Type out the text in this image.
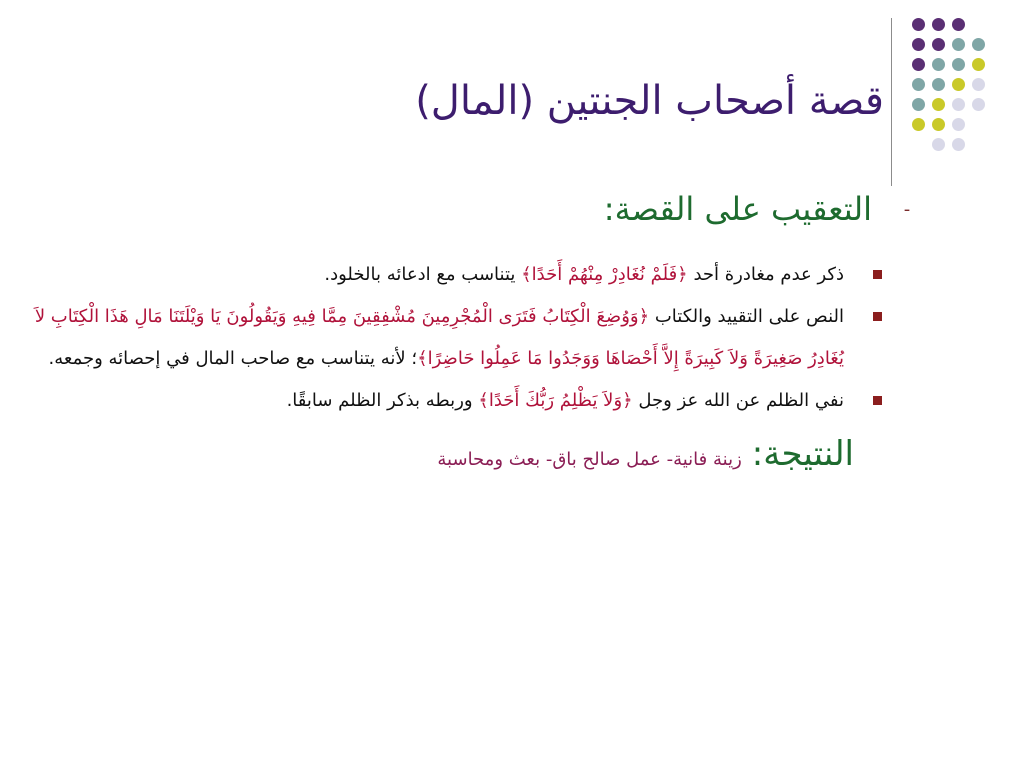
قصة أصحاب الجنتين (المال)
-
التعقيب على القصة:
ذكر عدم مغادرة أحد ﴿فَلَمْ نُغَادِرْ مِنْهُمْ أَحَدًا﴾ يتناسب مع ادعائه بالخلود.
النص على التقييد والكتاب ﴿وَوُضِعَ الْكِتَابُ فَتَرَى الْمُجْرِمِينَ مُشْفِقِينَ مِمَّا فِيهِ وَيَقُولُونَ يَا وَيْلَتَنَا مَالِ هَذَا الْكِتَابِ لاَ يُغَادِرُ صَغِيرَةً وَلاَ كَبِيرَةً إِلاَّ أَحْصَاهَا وَوَجَدُوا مَا عَمِلُوا حَاضِرًا﴾؛ لأنه يتناسب مع صاحب المال في إحصائه وجمعه.
نفي الظلم عن الله عز وجل ﴿وَلاَ يَظْلِمُ رَبُّكَ أَحَدًا﴾ وربطه بذكر الظلم سابقًا.
النتيجة:
زينة فانية- عمل صالح باق- بعث ومحاسبة
